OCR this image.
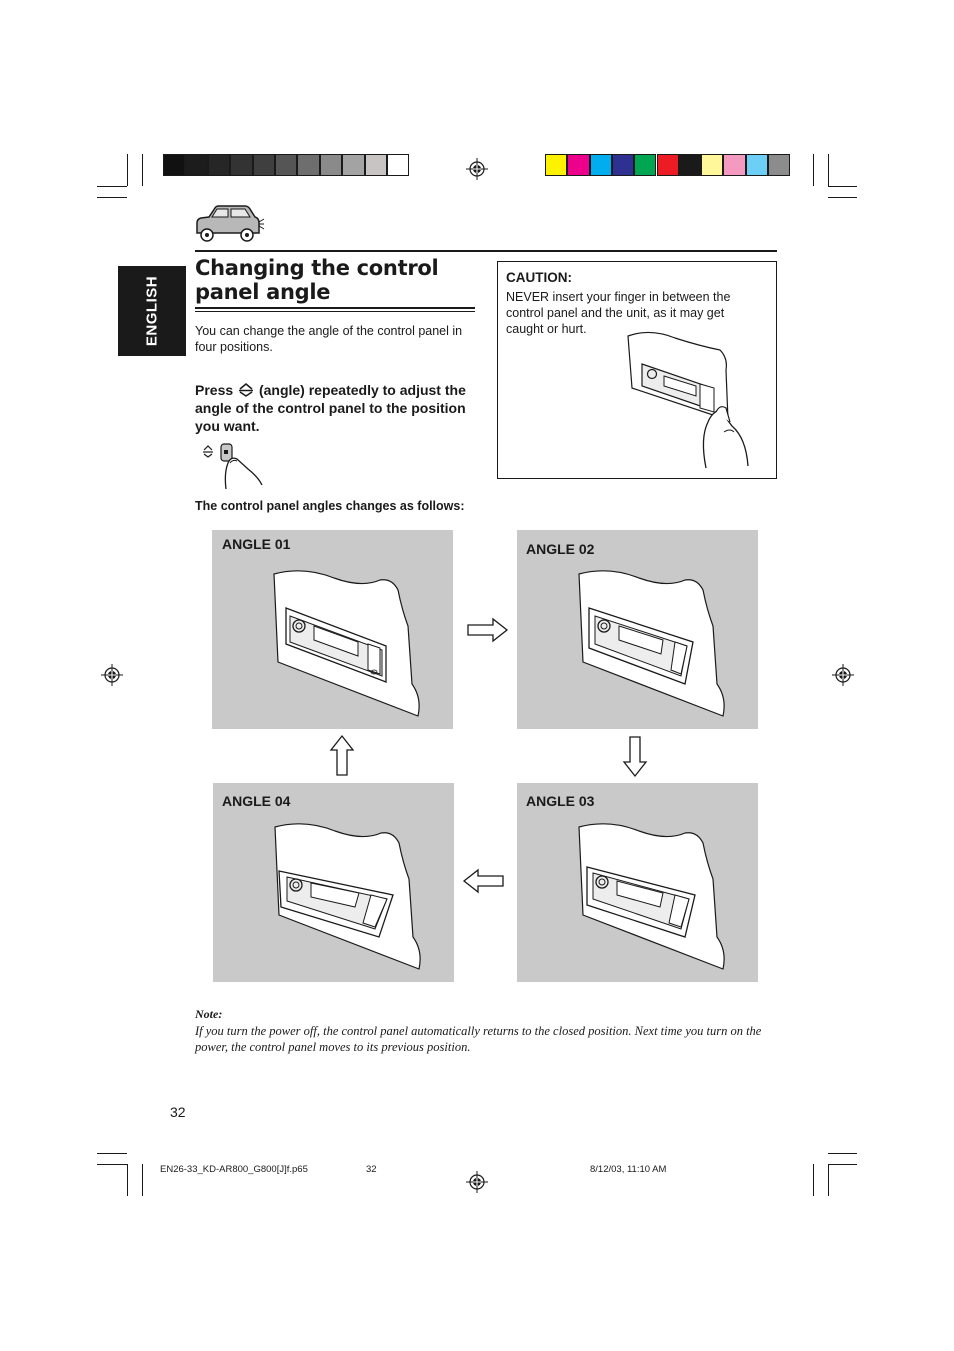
ENGLISH
Changing the control panel angle
You can change the angle of the control panel in four positions.
Press (angle) repeatedly to adjust the angle of the control panel to the position you want.
CAUTION:
NEVER insert your finger in between the control panel and the unit, as it may get caught or hurt.
The control panel angles changes as follows:
ANGLE 01	ANGLE 02
ANGLE 03
ANGLE 04
Note:
If you turn the power off, the control panel automatically returns to the closed position. Next time you turn on the power, the control panel moves to its previous position.
32
EN26-33_KD-AR800_G800[J]f.p65	32	8/12/03, 11:10 AM
